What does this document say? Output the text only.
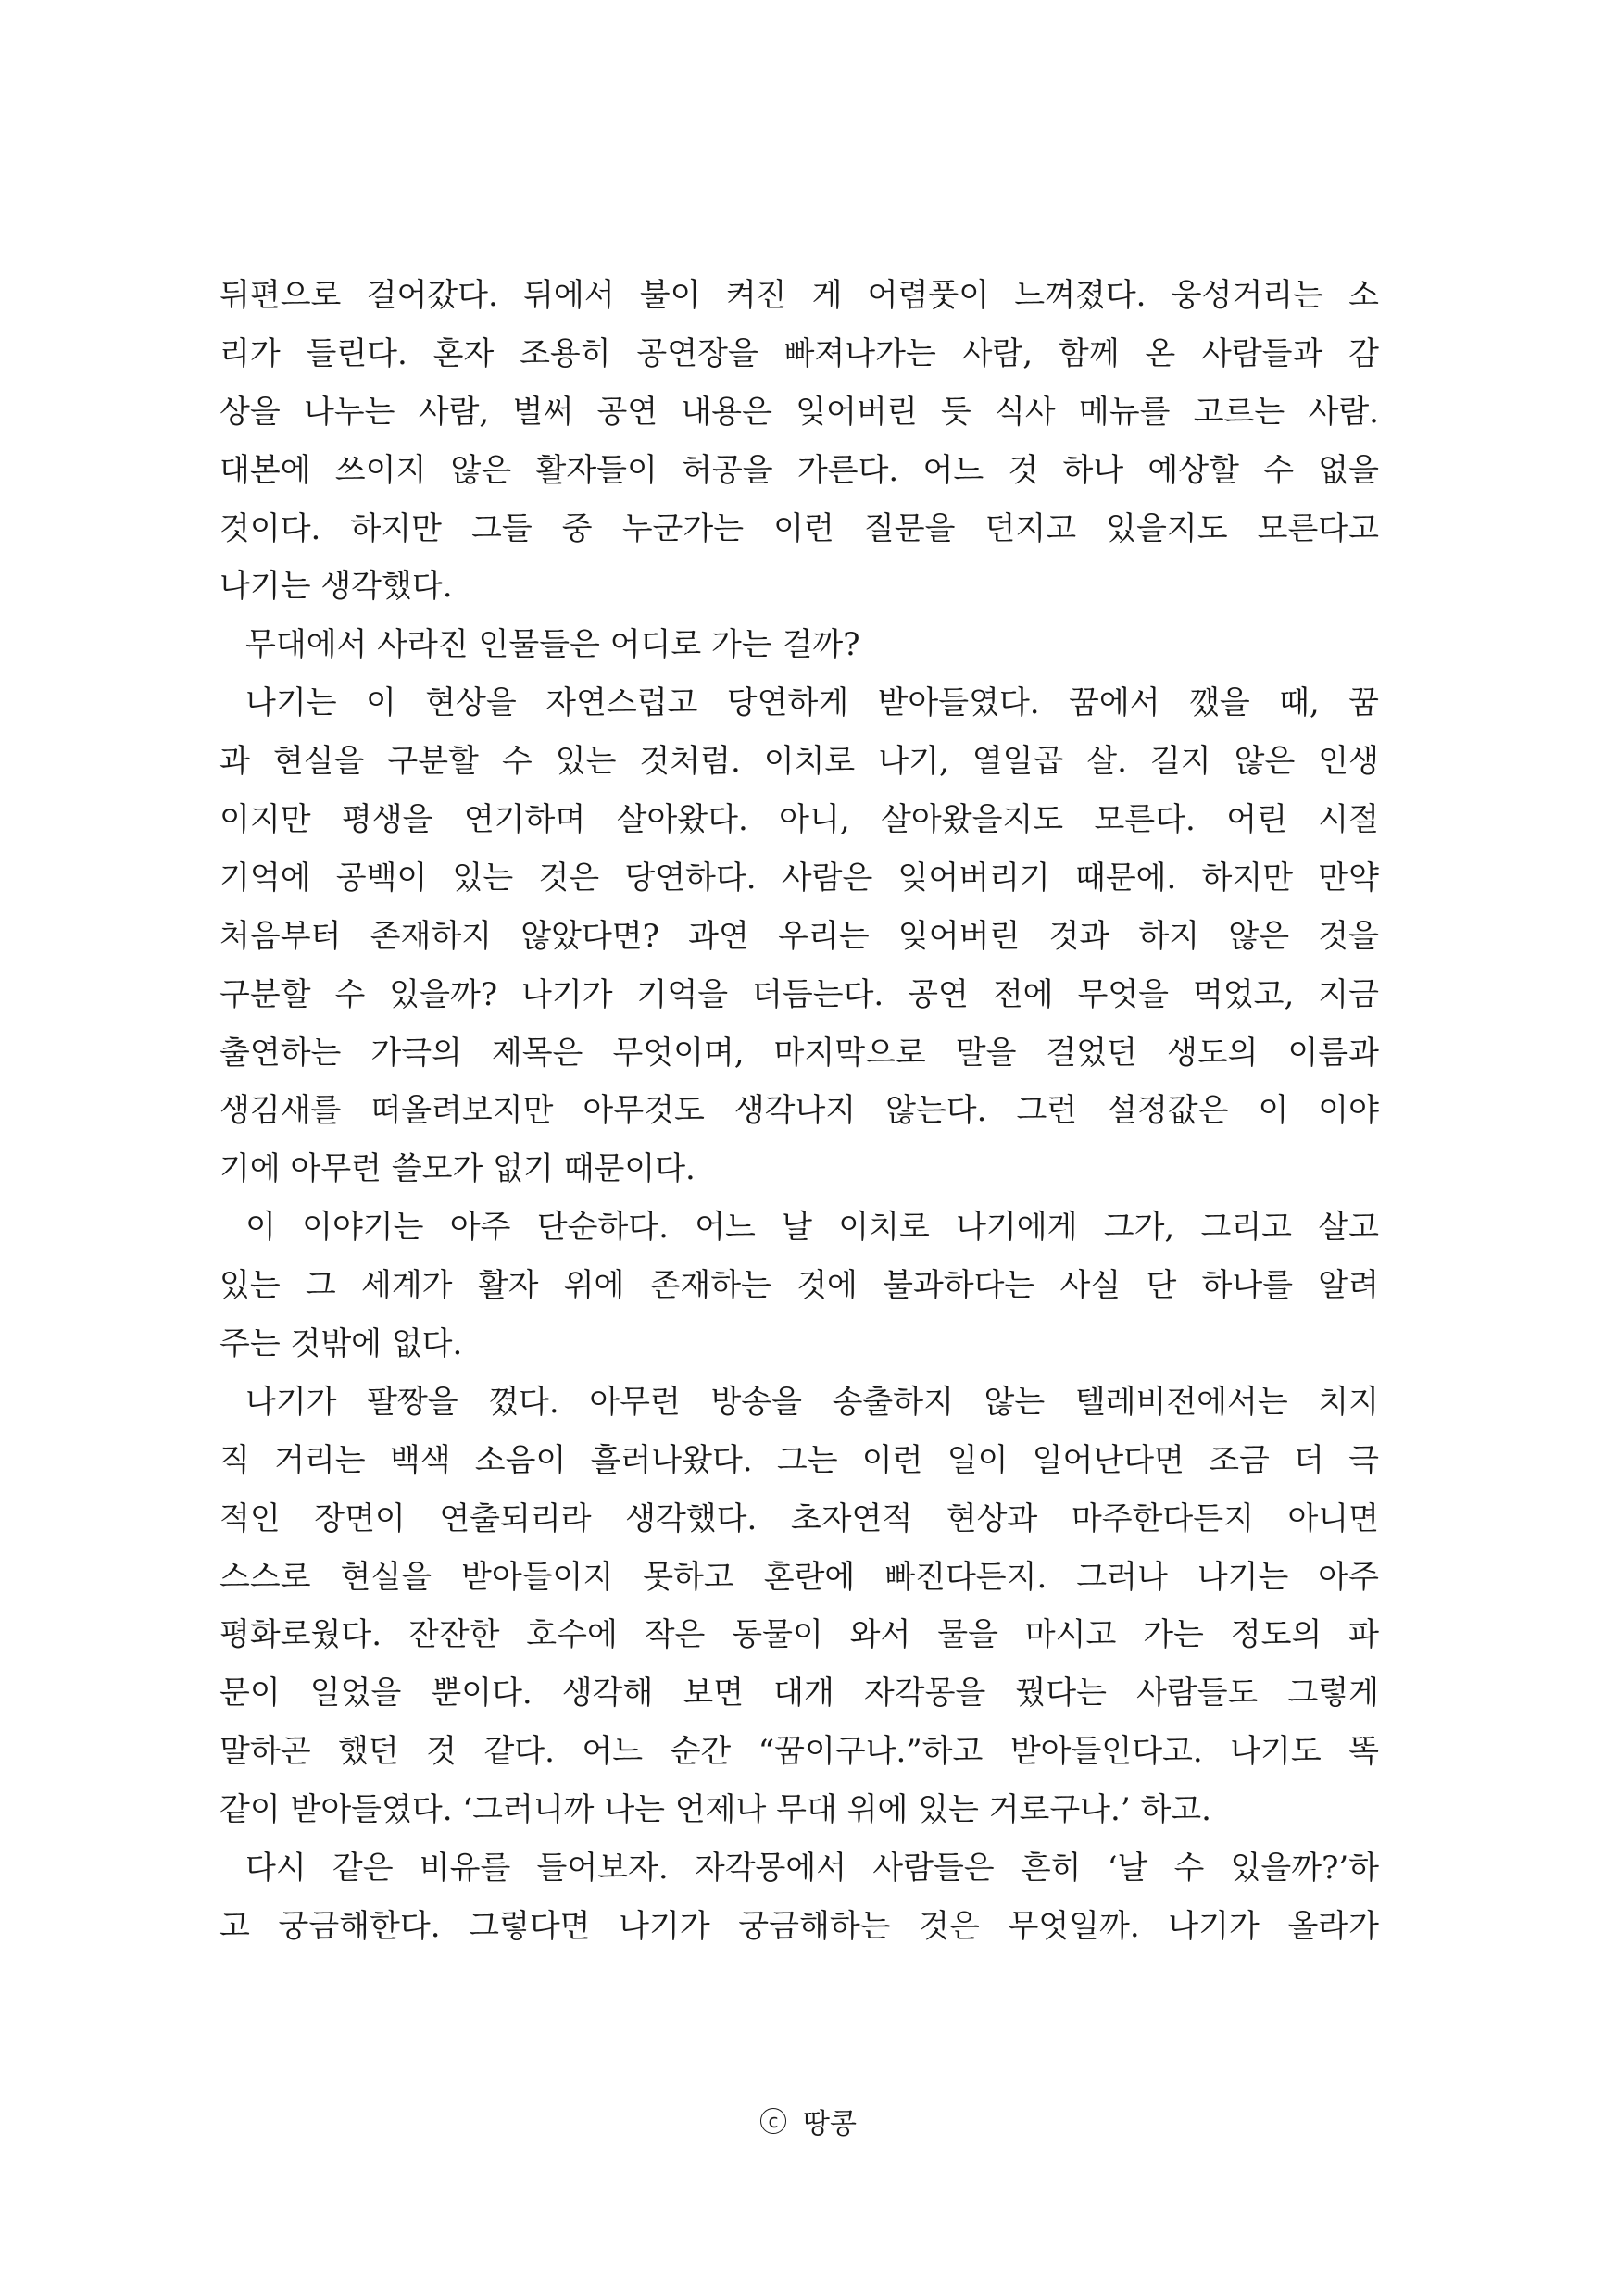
뒤편으로 걸어갔다. 뒤에서 불이 켜진 게 어렴풋이 느껴졌다. 웅성거리는 소
리가 들린다. 혼자 조용히 공연장을 빠져나가는 사람, 함께 온 사람들과 감
상을 나누는 사람, 벌써 공연 내용은 잊어버린 듯 식사 메뉴를 고르는 사람.
대본에 쓰이지 않은 활자들이 허공을 가른다. 어느 것 하나 예상할 수 없을
것이다. 하지만 그들 중 누군가는 이런 질문을 던지고 있을지도 모른다고
나기는 생각했다.
무대에서 사라진 인물들은 어디로 가는 걸까?
나기는 이 현상을 자연스럽고 당연하게 받아들였다. 꿈에서 깼을 때, 꿈
과 현실을 구분할 수 있는 것처럼. 이치로 나기, 열일곱 살. 길지 않은 인생
이지만 평생을 연기하며 살아왔다. 아니, 살아왔을지도 모른다. 어린 시절
기억에 공백이 있는 것은 당연하다. 사람은 잊어버리기 때문에. 하지만 만약
처음부터 존재하지 않았다면? 과연 우리는 잊어버린 것과 하지 않은 것을
구분할 수 있을까? 나기가 기억을 더듬는다. 공연 전에 무엇을 먹었고, 지금
출연하는 가극의 제목은 무엇이며, 마지막으로 말을 걸었던 생도의 이름과
생김새를 떠올려보지만 아무것도 생각나지 않는다. 그런 설정값은 이 이야
기에 아무런 쓸모가 없기 때문이다.
이 이야기는 아주 단순하다. 어느 날 이치로 나기에게 그가, 그리고 살고
있는 그 세계가 활자 위에 존재하는 것에 불과하다는 사실 단 하나를 알려
주는 것밖에 없다.
나기가 팔짱을 꼈다. 아무런 방송을 송출하지 않는 텔레비전에서는 치지
직 거리는 백색 소음이 흘러나왔다. 그는 이런 일이 일어난다면 조금 더 극
적인 장면이 연출되리라 생각했다. 초자연적 현상과 마주한다든지 아니면
스스로 현실을 받아들이지 못하고 혼란에 빠진다든지. 그러나 나기는 아주
평화로웠다. 잔잔한 호수에 작은 동물이 와서 물을 마시고 가는 정도의 파
문이 일었을 뿐이다. 생각해 보면 대개 자각몽을 꿨다는 사람들도 그렇게
말하곤 했던 것 같다. 어느 순간 “꿈이구나.”하고 받아들인다고. 나기도 똑
같이 받아들였다. ‘그러니까 나는 언제나 무대 위에 있는 거로구나.’ 하고.
다시 같은 비유를 들어보자. 자각몽에서 사람들은 흔히 ‘날 수 있을까?’하
고 궁금해한다. 그렇다면 나기가 궁금해하는 것은 무엇일까. 나기가 올라가
c 땅콩
